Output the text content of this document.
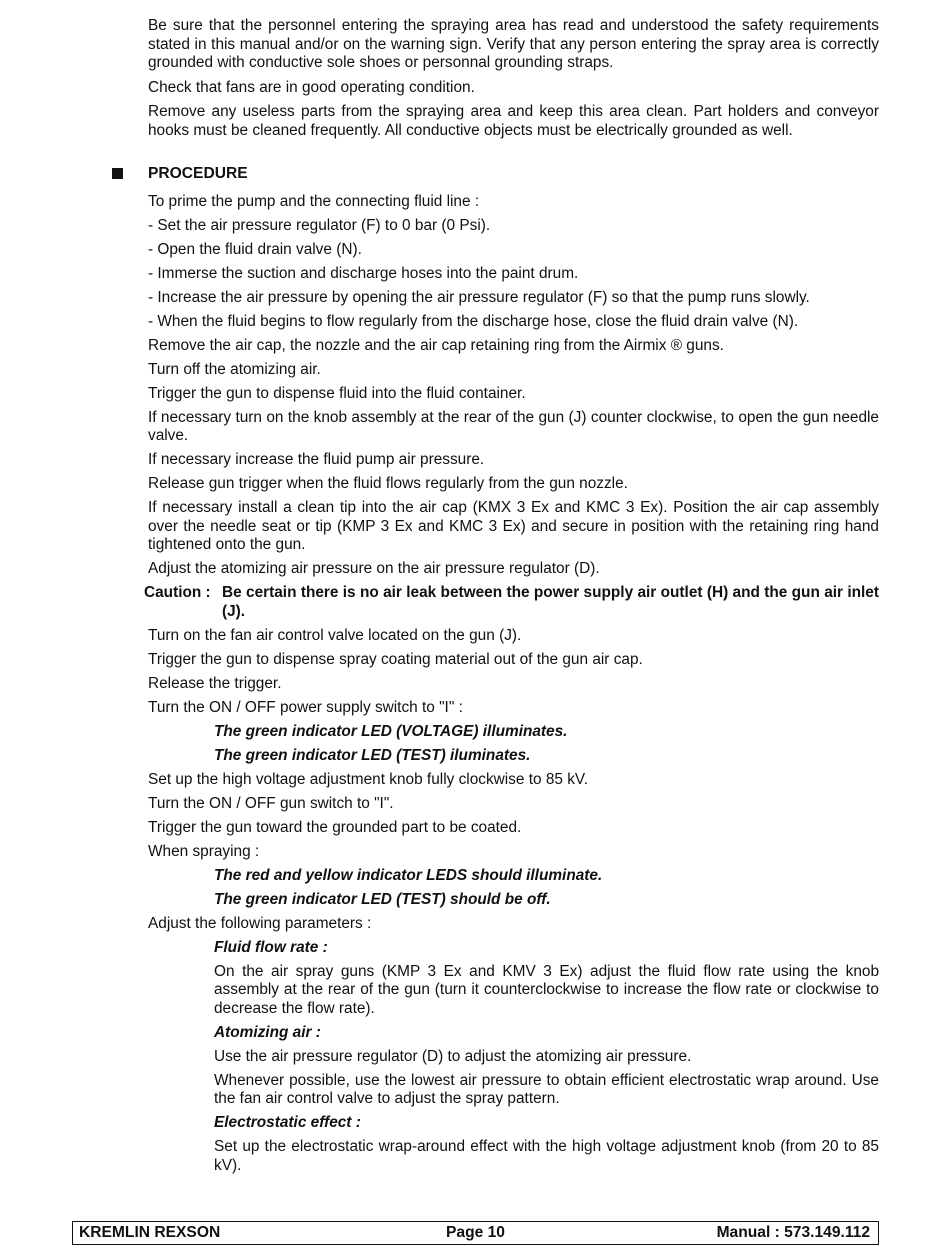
Be sure that the personnel entering the spraying area has read and understood the safety requirements stated in this manual and/or on the warning sign. Verify that any person entering the spray area is correctly grounded with conductive sole shoes or personnal grounding straps.

Check that fans are in good operating condition.

Remove any useless parts from the spraying area and keep this area clean. Part holders and conveyor hooks must be cleaned frequently. All conductive objects must be electrically grounded as well.

PROCEDURE

To prime the pump and the connecting fluid line :

- Set the air pressure regulator (F) to 0 bar (0 Psi).

- Open the fluid drain valve (N).

- Immerse the suction and discharge hoses into the paint drum.

- Increase the air pressure by opening the air pressure regulator (F) so that the pump runs slowly.

- When the fluid begins to flow regularly from the discharge hose, close the fluid drain valve (N).

Remove the air cap, the nozzle and the air cap retaining ring from the Airmix ® guns.

Turn off the atomizing air.

Trigger the gun to dispense fluid into the fluid container.

If necessary turn on the knob assembly at the rear of the gun (J) counter clockwise, to open the gun needle valve.

If necessary increase the fluid pump air pressure.

Release gun trigger when the fluid flows regularly from the gun nozzle.

If necessary install a clean tip into the air cap (KMX 3 Ex and KMC 3 Ex). Position the air cap assembly over the needle seat or tip (KMP 3 Ex and KMC 3 Ex) and secure in position with the retaining ring hand tightened onto the gun.

Adjust the atomizing air pressure on the air pressure regulator (D).

Caution : Be certain there is no air leak between the power supply air outlet (H) and the gun air inlet (J).

Turn on the fan air control valve located on the gun (J).

Trigger the gun to dispense spray coating material out of the gun air cap.

Release the trigger.

Turn the ON / OFF power supply switch to "I" :

The green indicator LED (VOLTAGE) illuminates.

The green indicator LED (TEST) iluminates.

Set up the high voltage adjustment knob fully clockwise to 85 kV.

Turn the ON / OFF gun switch to "I".

Trigger the gun toward the grounded part to be coated.

When spraying :

The red and yellow indicator LEDS should illuminate.

The green indicator LED (TEST) should be off.

Adjust the following parameters :

Fluid flow rate :

On the air spray guns (KMP 3 Ex and KMV 3 Ex) adjust the fluid flow rate using the knob assembly at the rear of the gun (turn it counterclockwise to increase the flow rate or clockwise to decrease the flow rate).

Atomizing air :

Use the air pressure regulator (D) to adjust the atomizing air pressure.

Whenever possible, use the lowest air pressure to obtain efficient electrostatic wrap around. Use the fan air control valve to adjust the spray pattern.

Electrostatic effect :

Set up the electrostatic wrap-around effect with the high voltage adjustment knob (from 20 to 85 kV).

KREMLIN REXSON	Page 10	Manual : 573.149.112
